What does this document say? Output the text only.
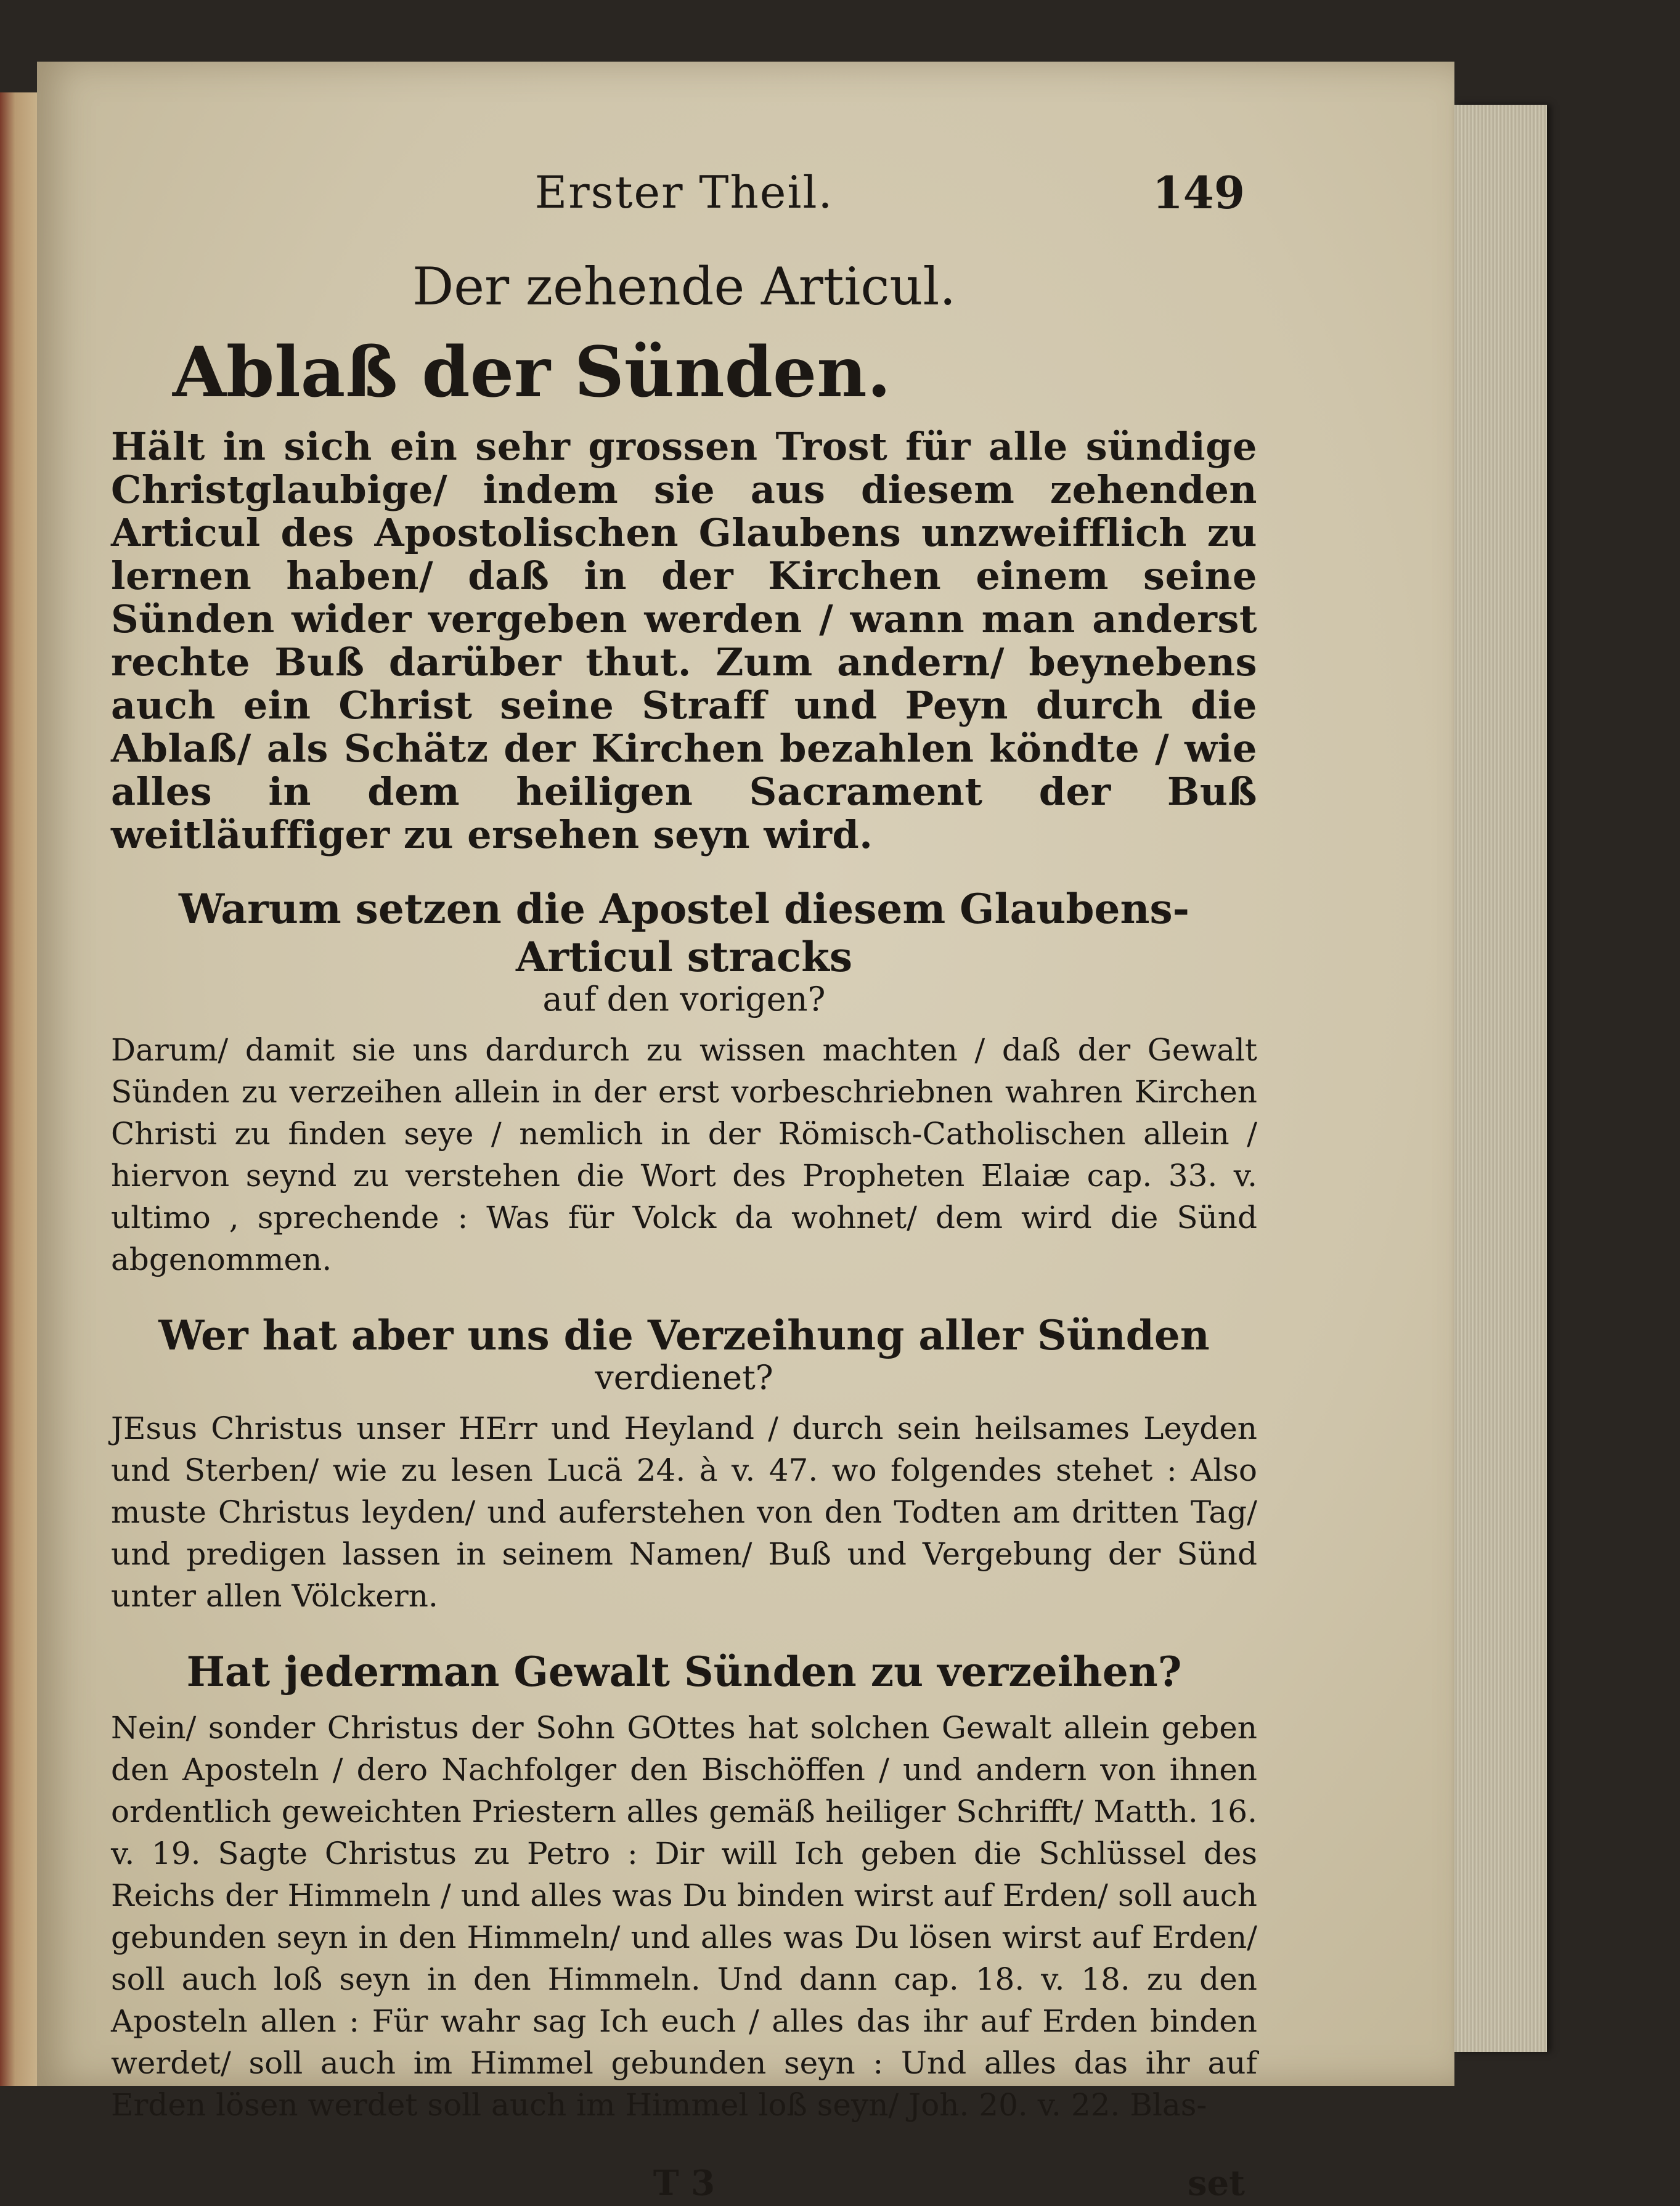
Erster Theil.	149
Der zehende Articul.
Ablaß der Sünden.

Hält in sich ein sehr grossen Trost für alle sündige Christglaubige/ indem sie aus diesem zehenden Articul des Apostolischen Glaubens unzweifflich zu lernen haben/ daß in der Kirchen einem seine Sünden wider vergeben werden / wann man anderst rechte Buß darüber thut. Zum andern/ beynebens auch ein Christ seine Straff und Peyn durch die Ablaß/ als Schätz der Kirchen bezahlen köndte / wie alles in dem heiligen Sacrament der Buß weitläuffiger zu ersehen seyn wird.

Warum setzen die Apostel diesem Glaubens-Articul stracks
auf den vorigen?

Darum/ damit sie uns dardurch zu wissen machten / daß der Gewalt Sünden zu verzeihen allein in der erst vorbeschriebnen wahren Kirchen Christi zu finden seye / nemlich in der Römisch-Catholischen allein / hiervon seynd zu verstehen die Wort des Propheten Elaiæ cap. 33. v. ultimo , sprechende : Was für Volck da wohnet/ dem wird die Sünd abgenommen.

Wer hat aber uns die Verzeihung aller Sünden
verdienet?

JEsus Christus unser HErr und Heyland / durch sein heilsames Leyden und Sterben/ wie zu lesen Lucä 24. à v. 47. wo folgendes stehet : Also muste Christus leyden/ und auferstehen von den Todten am dritten Tag/ und predigen lassen in seinem Namen/ Buß und Vergebung der Sünd unter allen Völckern.

Hat jederman Gewalt Sünden zu verzeihen?

Nein/ sonder Christus der Sohn GOttes hat solchen Gewalt allein geben den Aposteln / dero Nachfolger den Bischöffen / und andern von ihnen ordentlich geweichten Priestern alles gemäß heiliger Schrifft/ Matth. 16. v. 19. Sagte Christus zu Petro : Dir will Ich geben die Schlüssel des Reichs der Himmeln / und alles was Du binden wirst auf Erden/ soll auch gebunden seyn in den Himmeln/ und alles was Du lösen wirst auf Erden/ soll auch loß seyn in den Himmeln. Und dann cap. 18. v. 18. zu den Aposteln allen : Für wahr sag Ich euch / alles das ihr auf Erden binden werdet/ soll auch im Himmel gebunden seyn : Und alles das ihr auf Erden lösen werdet soll auch im Himmel loß seyn/ Joh. 20. v. 22. Blas-

T 3	set
